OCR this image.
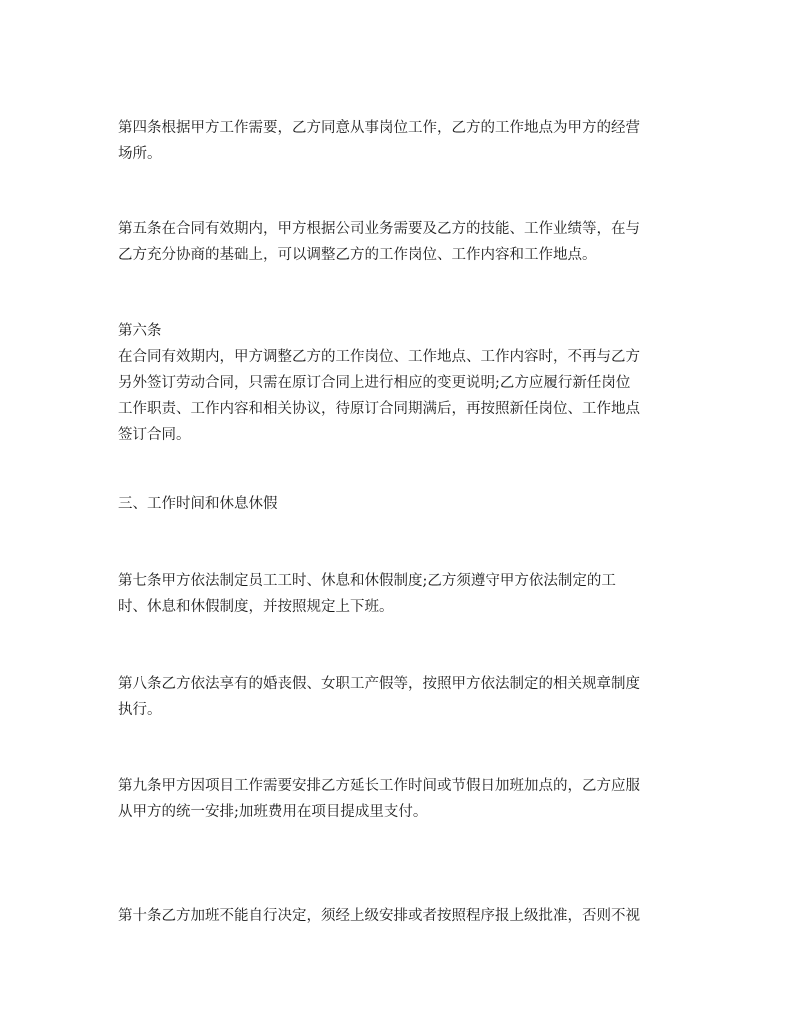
第四条根据甲方工作需要，乙方同意从事岗位工作，乙方的工作地点为甲方的经营
场所。

第五条在合同有效期内，甲方根据公司业务需要及乙方的技能、工作业绩等，在与
乙方充分协商的基础上，可以调整乙方的工作岗位、工作内容和工作地点。

第六条
在合同有效期内，甲方调整乙方的工作岗位、工作地点、工作内容时，不再与乙方
另外签订劳动合同，只需在原订合同上进行相应的变更说明;乙方应履行新任岗位
工作职责、工作内容和相关协议，待原订合同期满后，再按照新任岗位、工作地点
签订合同。

三、工作时间和休息休假

第七条甲方依法制定员工工时、休息和休假制度;乙方须遵守甲方依法制定的工
时、休息和休假制度，并按照规定上下班。

第八条乙方依法享有的婚丧假、女职工产假等，按照甲方依法制定的相关规章制度
执行。

第九条甲方因项目工作需要安排乙方延长工作时间或节假日加班加点的，乙方应服
从甲方的统一安排;加班费用在项目提成里支付。

第十条乙方加班不能自行决定，须经上级安排或者按照程序报上级批准，否则不视
